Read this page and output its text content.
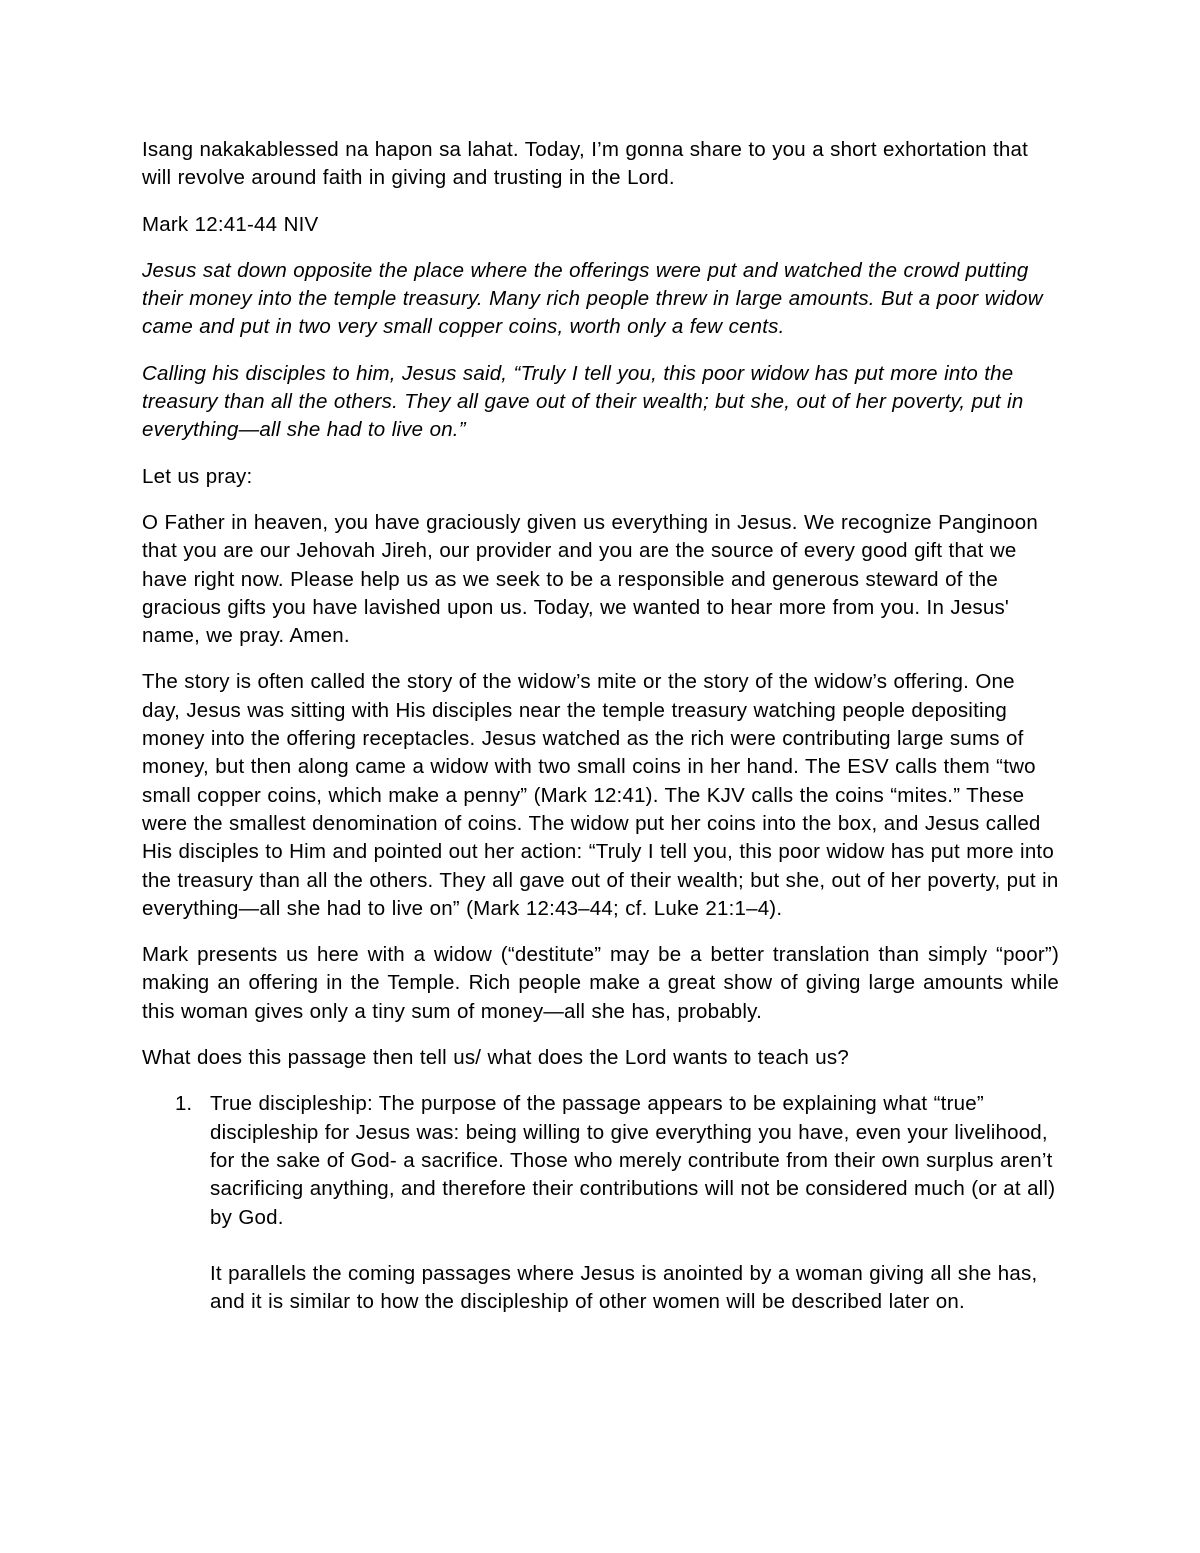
Isang nakakablessed na hapon sa lahat. Today, I’m gonna share to you a short exhortation that will revolve around faith in giving and trusting in the Lord.

Mark 12:41-44 NIV

Jesus sat down opposite the place where the offerings were put and watched the crowd putting their money into the temple treasury. Many rich people threw in large amounts. But a poor widow came and put in two very small copper coins, worth only a few cents.

Calling his disciples to him, Jesus said, “Truly I tell you, this poor widow has put more into the treasury than all the others. They all gave out of their wealth; but she, out of her poverty, put in everything—all she had to live on.”

Let us pray:

O Father in heaven, you have graciously given us everything in Jesus. We recognize Panginoon that you are our Jehovah Jireh, our provider and you are the source of every good gift that we have right now. Please help us as we seek to be a responsible and generous steward of the gracious gifts you have lavished upon us. Today, we wanted to hear more from you. In Jesus' name, we pray. Amen.

The story is often called the story of the widow’s mite or the story of the widow’s offering. One day, Jesus was sitting with His disciples near the temple treasury watching people depositing money into the offering receptacles. Jesus watched as the rich were contributing large sums of money, but then along came a widow with two small coins in her hand. The ESV calls them “two small copper coins, which make a penny” (Mark 12:41). The KJV calls the coins “mites.” These were the smallest denomination of coins. The widow put her coins into the box, and Jesus called His disciples to Him and pointed out her action: “Truly I tell you, this poor widow has put more into the treasury than all the others. They all gave out of their wealth; but she, out of her poverty, put in everything—all she had to live on” (Mark 12:43–44; cf. Luke 21:1–4).

Mark presents us here with a widow (“destitute” may be a better translation than simply “poor”) making an offering in the Temple. Rich people make a great show of giving large amounts while this woman gives only a tiny sum of money—all she has, probably.

What does this passage then tell us/ what does the Lord wants to teach us?

True discipleship: The purpose of the passage appears to be explaining what “true” discipleship for Jesus was: being willing to give everything you have, even your livelihood, for the sake of God- a sacrifice. Those who merely contribute from their own surplus aren’t sacrificing anything, and therefore their contributions will not be considered much (or at all) by God.

It parallels the coming passages where Jesus is anointed by a woman giving all she has, and it is similar to how the discipleship of other women will be described later on.
